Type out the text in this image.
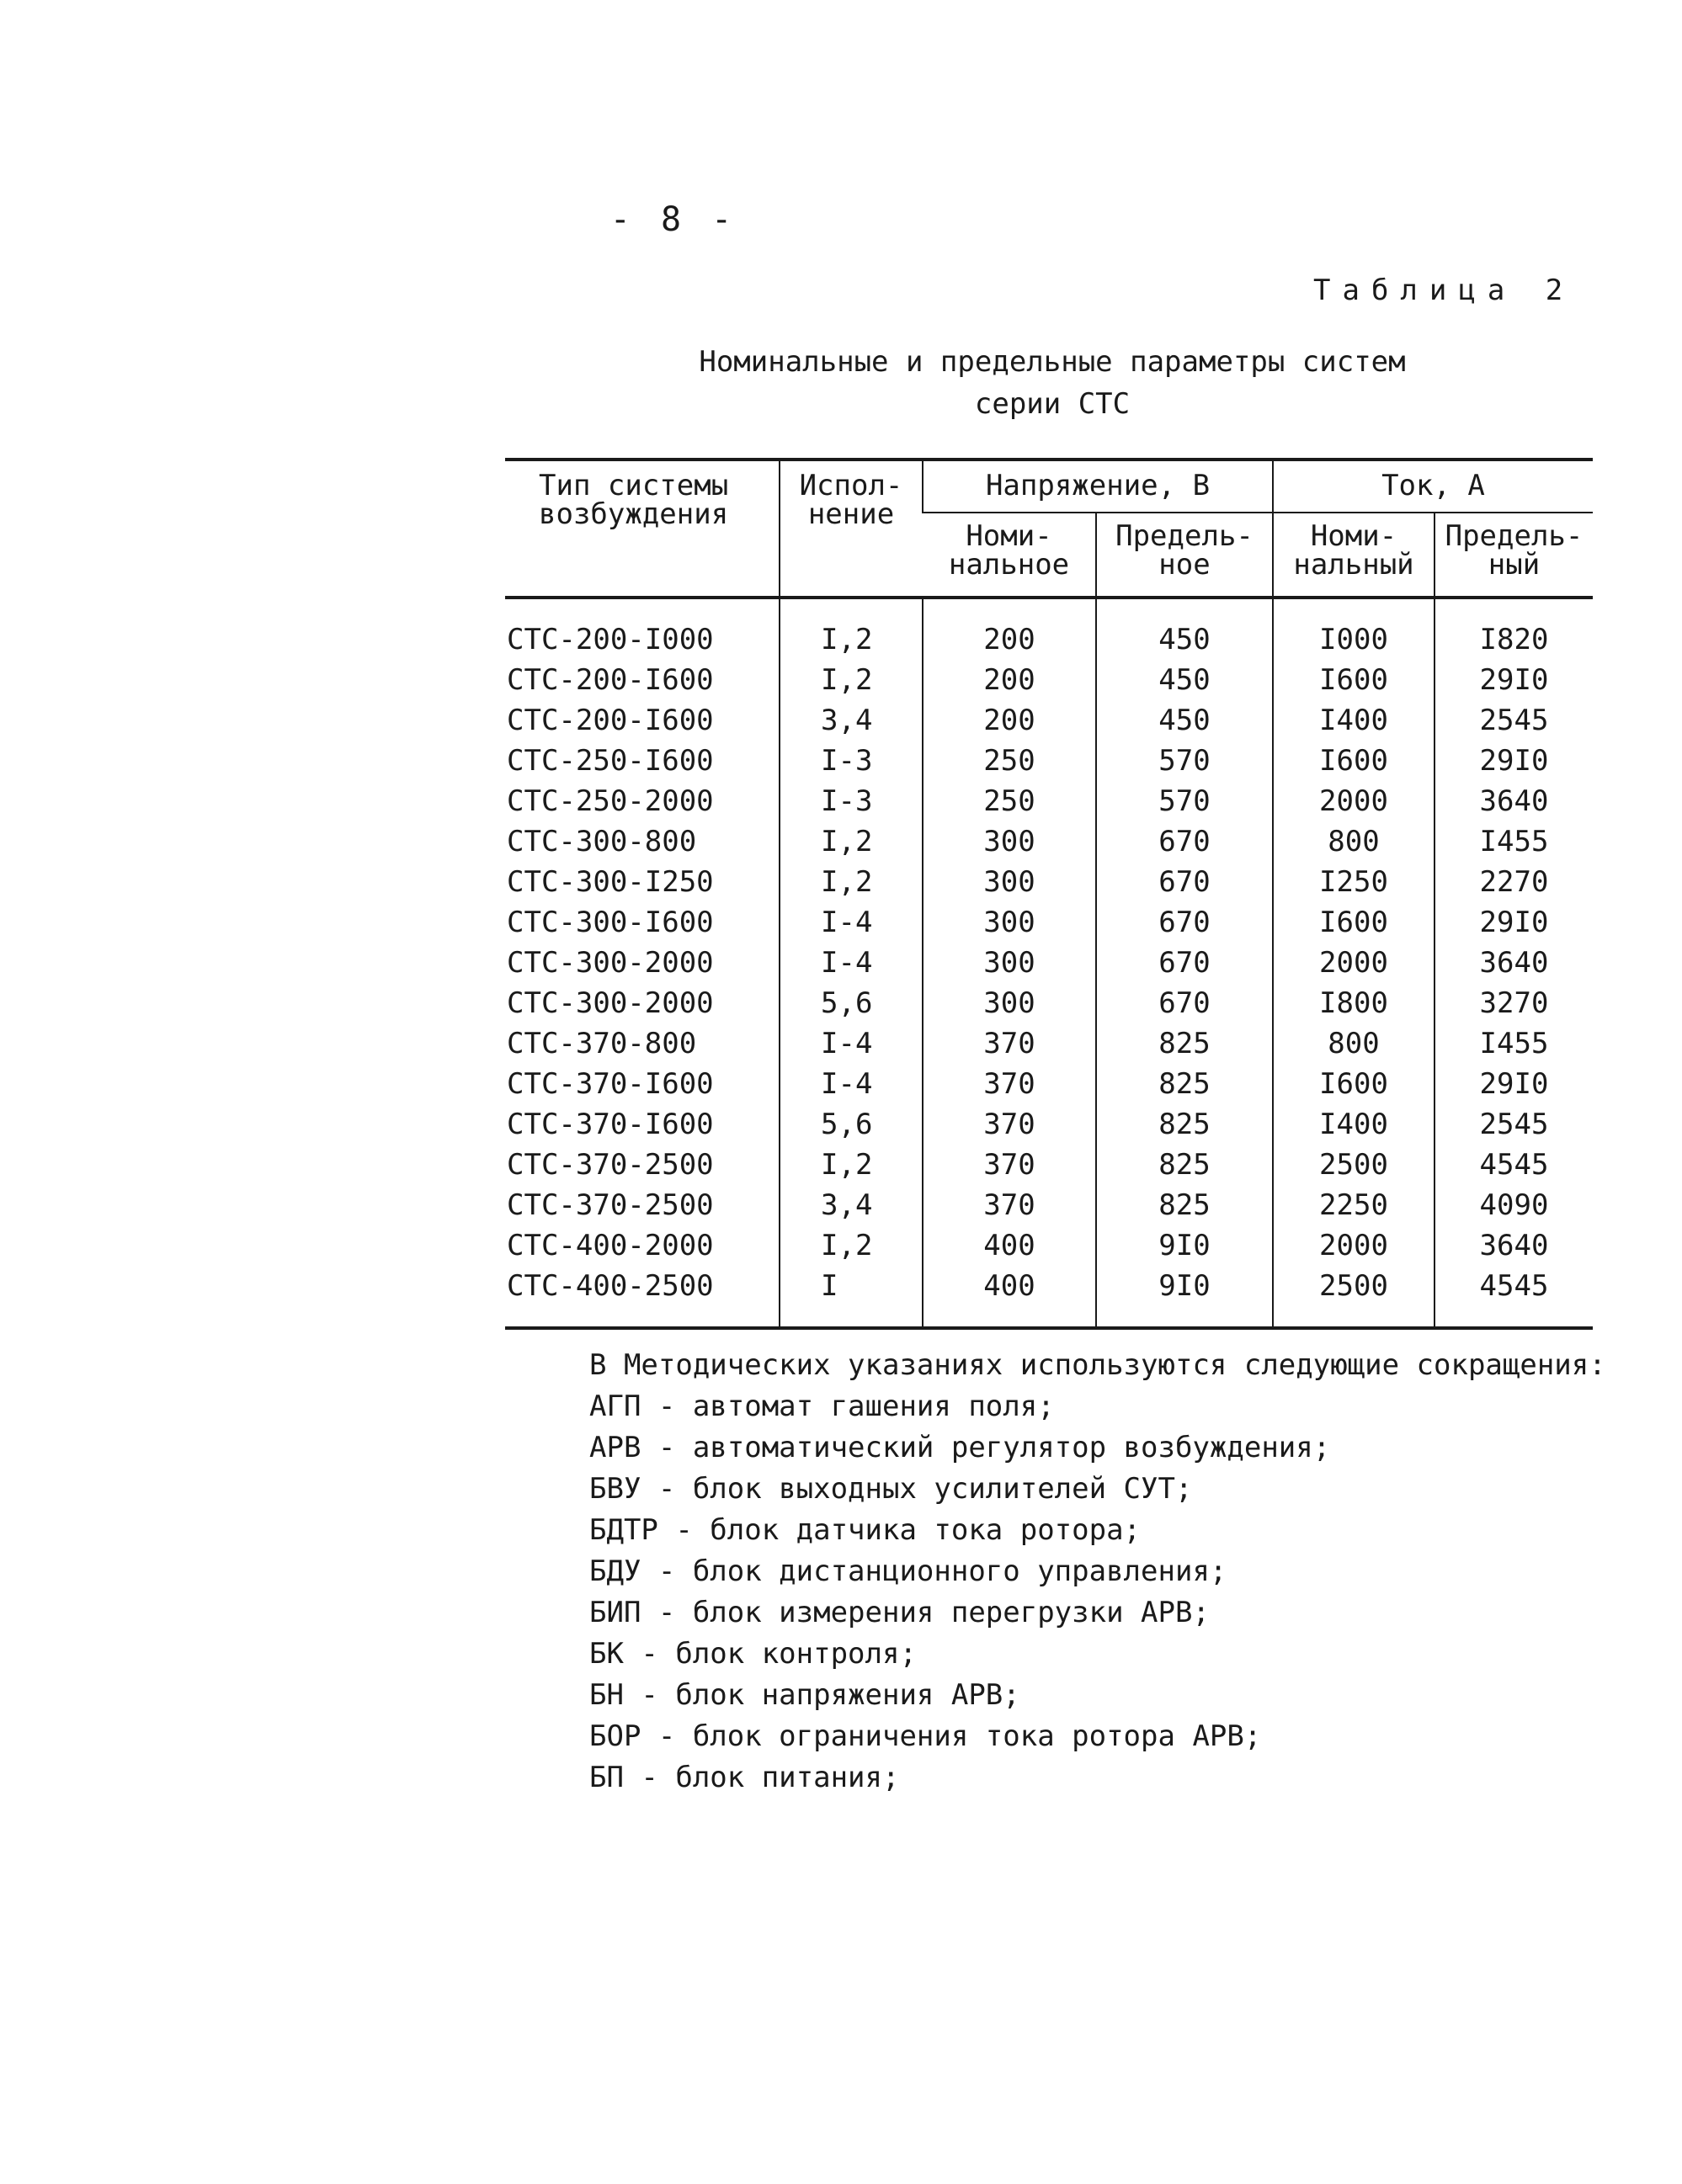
- 8 -
Таблица 2
Номинальные и предельные параметры систем
серии СТС
Тип системы возбуждения	Испол- нение	Напряжение, В		Ток, А	
		Номи- нальное	Предель- ное	Номи- нальный	Предель- ный
СТС-200-I000	I,2	200	450	I000	I820
СТС-200-I600	I,2	200	450	I600	29I0
СТС-200-I600	3,4	200	450	I400	2545
СТС-250-I600	I-3	250	570	I600	29I0
СТС-250-2000	I-3	250	570	2000	3640
СТС-300-800	I,2	300	670	800	I455
СТС-300-I250	I,2	300	670	I250	2270
СТС-300-I600	I-4	300	670	I600	29I0
СТС-300-2000	I-4	300	670	2000	3640
СТС-300-2000	5,6	300	670	I800	3270
СТС-370-800	I-4	370	825	800	I455
СТС-370-I600	I-4	370	825	I600	29I0
СТС-370-I600	5,6	370	825	I400	2545
СТС-370-2500	I,2	370	825	2500	4545
СТС-370-2500	3,4	370	825	2250	4090
СТС-400-2000	I,2	400	9I0	2000	3640
СТС-400-2500	I	400	9I0	2500	4545

В Методических указаниях используются следующие сокращения:

АГП - автомат гашения поля;

АРВ - автоматический регулятор возбуждения;

БВУ - блок выходных усилителей СУТ;

БДТР - блок датчика тока ротора;

БДУ - блок дистанционного управления;

БИП - блок измерения перегрузки АРВ;

БК - блок контроля;

БН - блок напряжения АРВ;

БОР - блок ограничения тока ротора АРВ;

БП - блок питания;
